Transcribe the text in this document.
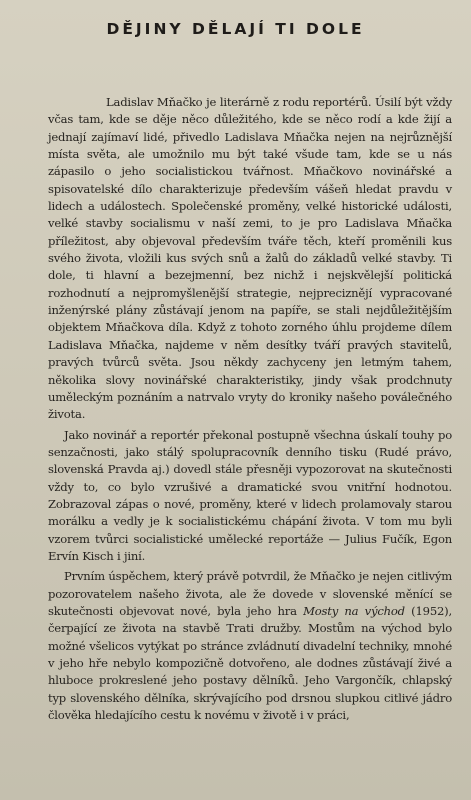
DĚJINY DĚLAJÍ TI DOLE

Ladislav Mňačko je literárně z rodu reportérů. Úsilí být vždy včas tam, kde se děje něco důležitého, kde se něco rodí a kde žijí a jednají zajímaví lidé, přivedlo Ladislava Mňačka nejen na nejrůznější místa světa, ale umožnilo mu být také všude tam, kde se u nás zápasilo o jeho socialistickou tvářnost. Mňačkovo novinářské a spisovatelské dílo charakterizuje především vášeň hledat pravdu v lidech a událostech. Společenské proměny, velké historické události, velké stavby socialismu v naší zemi, to je pro Ladislava Mňačka příležitost, aby objevoval především tváře těch, kteří proměnili kus svého života, vložili kus svých snů a žalů do základů velké stavby. Ti dole, ti hlavní a bezejmenní, bez nichž i nejskvělejší politická rozhodnutí a nejpromyšlenější strategie, nejpreciznějí vypracované inženýrské plány zůstávají jenom na papíře, se stali nejdůležitějším objektem Mňačkova díla. Když z tohoto zorného úhlu projdeme dílem Ladislava Mňačka, najdeme v něm desítky tváří pravých stavitelů, pravých tvůrců světa. Jsou někdy zachyceny jen letmým tahem, několika slovy novinářské charakteristiky, jindy však prodchnuty uměleckým poznáním a natrvalo vryty do kroniky našeho poválečného života.

Jako novinář a reportér překonal postupně všechna úskalí touhy po senzačnosti, jako stálý spolupracovník denního tisku (Rudé právo, slovenská Pravda aj.) dovedl stále přesněji vypozorovat na skutečnosti vždy to, co bylo vzrušivé a dramatické svou vnitřní hodnotou. Zobrazoval zápas o nové, proměny, které v lidech prolamovaly starou morálku a vedly je k socialistickému chápání života. V tom mu byli vzorem tvůrci socialistické umělecké reportáže — Julius Fučík, Egon Ervín Kisch i jiní.

Prvním úspěchem, který právě potvrdil, že Mňačko je nejen citlivým pozorovatelem našeho života, ale že dovede v slovenské měnící se skutečnosti objevovat nové, byla jeho hra Mosty na východ (1952), čerpající ze života na stavbě Trati družby. Mostům na východ bylo možné všelicos vytýkat po stránce zvládnutí divadelní techniky, mnohé v jeho hře nebylo kompozičně dotvořeno, ale dodnes zůstávají živé a hluboce prokreslené jeho postavy dělníků. Jeho Vargončík, chlapský typ slovenského dělníka, skrývajícího pod drsnou slupkou citlivé jádro člověka hledajícího cestu k novému v životě i v práci,
